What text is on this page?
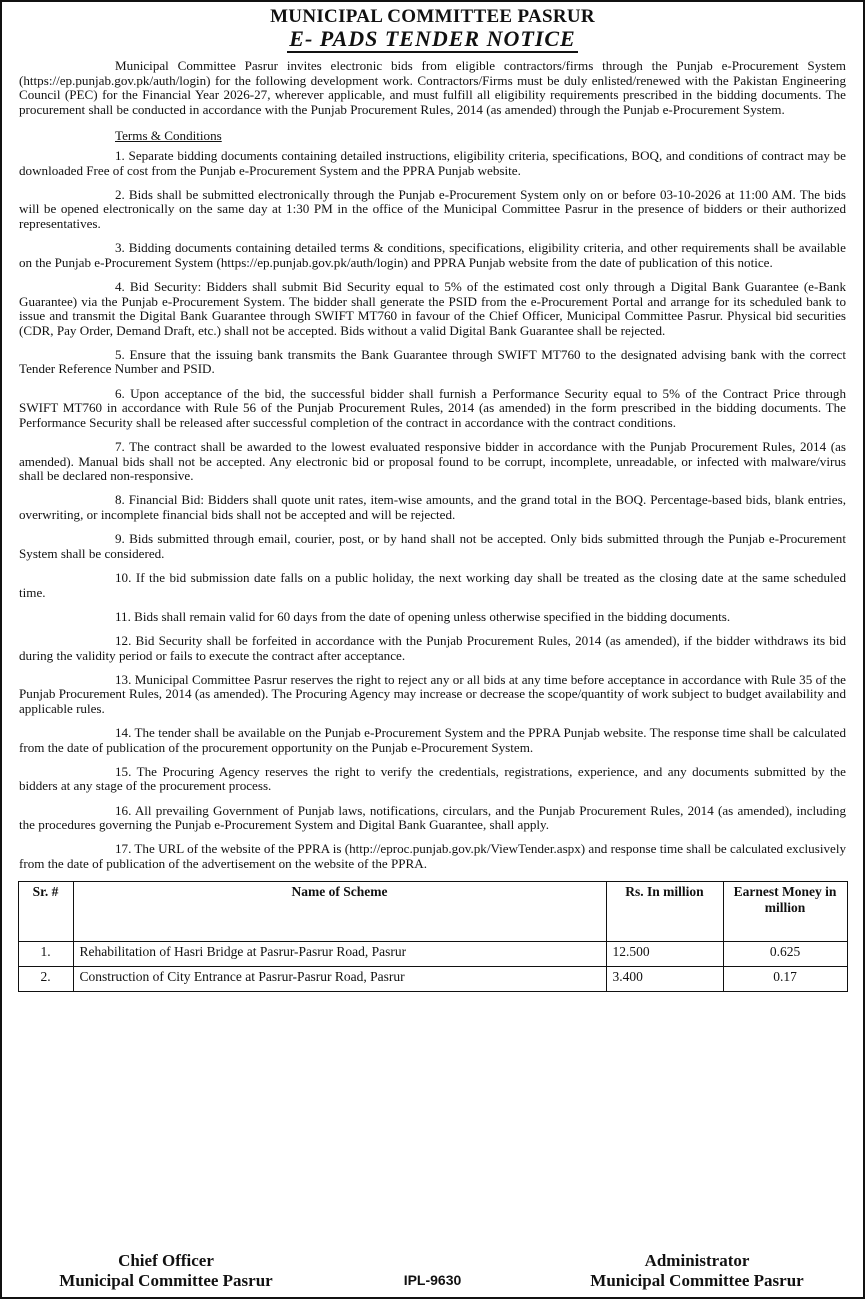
MUNICIPAL COMMITTEE PASRUR
E- PADS TENDER NOTICE

Municipal Committee Pasrur invites electronic bids from eligible contractors/firms through the Punjab e-Procurement System (https://ep.punjab.gov.pk/auth/login) for the following development work. Contractors/Firms must be duly enlisted/renewed with the Pakistan Engineering Council (PEC) for the Financial Year 2026-27, wherever applicable, and must fulfill all eligibility requirements prescribed in the bidding documents. The procurement shall be conducted in accordance with the Punjab Procurement Rules, 2014 (as amended) through the Punjab e-Procurement System.

Terms & Conditions

1. Separate bidding documents containing detailed instructions, eligibility criteria, specifications, BOQ, and conditions of contract may be downloaded Free of cost from the Punjab e-Procurement System and the PPRA Punjab website.

2. Bids shall be submitted electronically through the Punjab e-Procurement System only on or before 03-10-2026 at 11:00 AM. The bids will be opened electronically on the same day at 1:30 PM in the office of the Municipal Committee Pasrur in the presence of bidders or their authorized representatives.

3. Bidding documents containing detailed terms & conditions, specifications, eligibility criteria, and other requirements shall be available on the Punjab e-Procurement System (https://ep.punjab.gov.pk/auth/login) and PPRA Punjab website from the date of publication of this notice.

4. Bid Security: Bidders shall submit Bid Security equal to 5% of the estimated cost only through a Digital Bank Guarantee (e-Bank Guarantee) via the Punjab e-Procurement System. The bidder shall generate the PSID from the e-Procurement Portal and arrange for its scheduled bank to issue and transmit the Digital Bank Guarantee through SWIFT MT760 in favour of the Chief Officer, Municipal Committee Pasrur. Physical bid securities (CDR, Pay Order, Demand Draft, etc.) shall not be accepted. Bids without a valid Digital Bank Guarantee shall be rejected.

5. Ensure that the issuing bank transmits the Bank Guarantee through SWIFT MT760 to the designated advising bank with the correct Tender Reference Number and PSID.

6. Upon acceptance of the bid, the successful bidder shall furnish a Performance Security equal to 5% of the Contract Price through SWIFT MT760 in accordance with Rule 56 of the Punjab Procurement Rules, 2014 (as amended) in the form prescribed in the bidding documents. The Performance Security shall be released after successful completion of the contract in accordance with the contract conditions.

7. The contract shall be awarded to the lowest evaluated responsive bidder in accordance with the Punjab Procurement Rules, 2014 (as amended). Manual bids shall not be accepted. Any electronic bid or proposal found to be corrupt, incomplete, unreadable, or infected with malware/virus shall be declared non-responsive.

8. Financial Bid: Bidders shall quote unit rates, item-wise amounts, and the grand total in the BOQ. Percentage-based bids, blank entries, overwriting, or incomplete financial bids shall not be accepted and will be rejected.

9. Bids submitted through email, courier, post, or by hand shall not be accepted. Only bids submitted through the Punjab e-Procurement System shall be considered.

10. If the bid submission date falls on a public holiday, the next working day shall be treated as the closing date at the same scheduled time.

11. Bids shall remain valid for 60 days from the date of opening unless otherwise specified in the bidding documents.

12. Bid Security shall be forfeited in accordance with the Punjab Procurement Rules, 2014 (as amended), if the bidder withdraws its bid during the validity period or fails to execute the contract after acceptance.

13. Municipal Committee Pasrur reserves the right to reject any or all bids at any time before acceptance in accordance with Rule 35 of the Punjab Procurement Rules, 2014 (as amended). The Procuring Agency may increase or decrease the scope/quantity of work subject to budget availability and applicable rules.

14. The tender shall be available on the Punjab e-Procurement System and the PPRA Punjab website. The response time shall be calculated from the date of publication of the procurement opportunity on the Punjab e-Procurement System.

15. The Procuring Agency reserves the right to verify the credentials, registrations, experience, and any documents submitted by the bidders at any stage of the procurement process.

16. All prevailing Government of Punjab laws, notifications, circulars, and the Punjab Procurement Rules, 2014 (as amended), including the procedures governing the Punjab e-Procurement System and Digital Bank Guarantee, shall apply.

17. The URL of the website of the PPRA is (http://eproc.punjab.gov.pk/ViewTender.aspx) and response time shall be calculated exclusively from the date of publication of the advertisement on the website of the PPRA.

Sr. #	Name of Scheme	Rs. In million	Earnest Money in million
1.	Rehabilitation of Hasri Bridge at Pasrur-Pasrur Road, Pasrur	12.500	0.625
2.	Construction of City Entrance at Pasrur-Pasrur Road, Pasrur	3.400	0.17
Chief Officer
Municipal Committee Pasrur	IPL-9630
Administrator
Municipal Committee Pasrur
